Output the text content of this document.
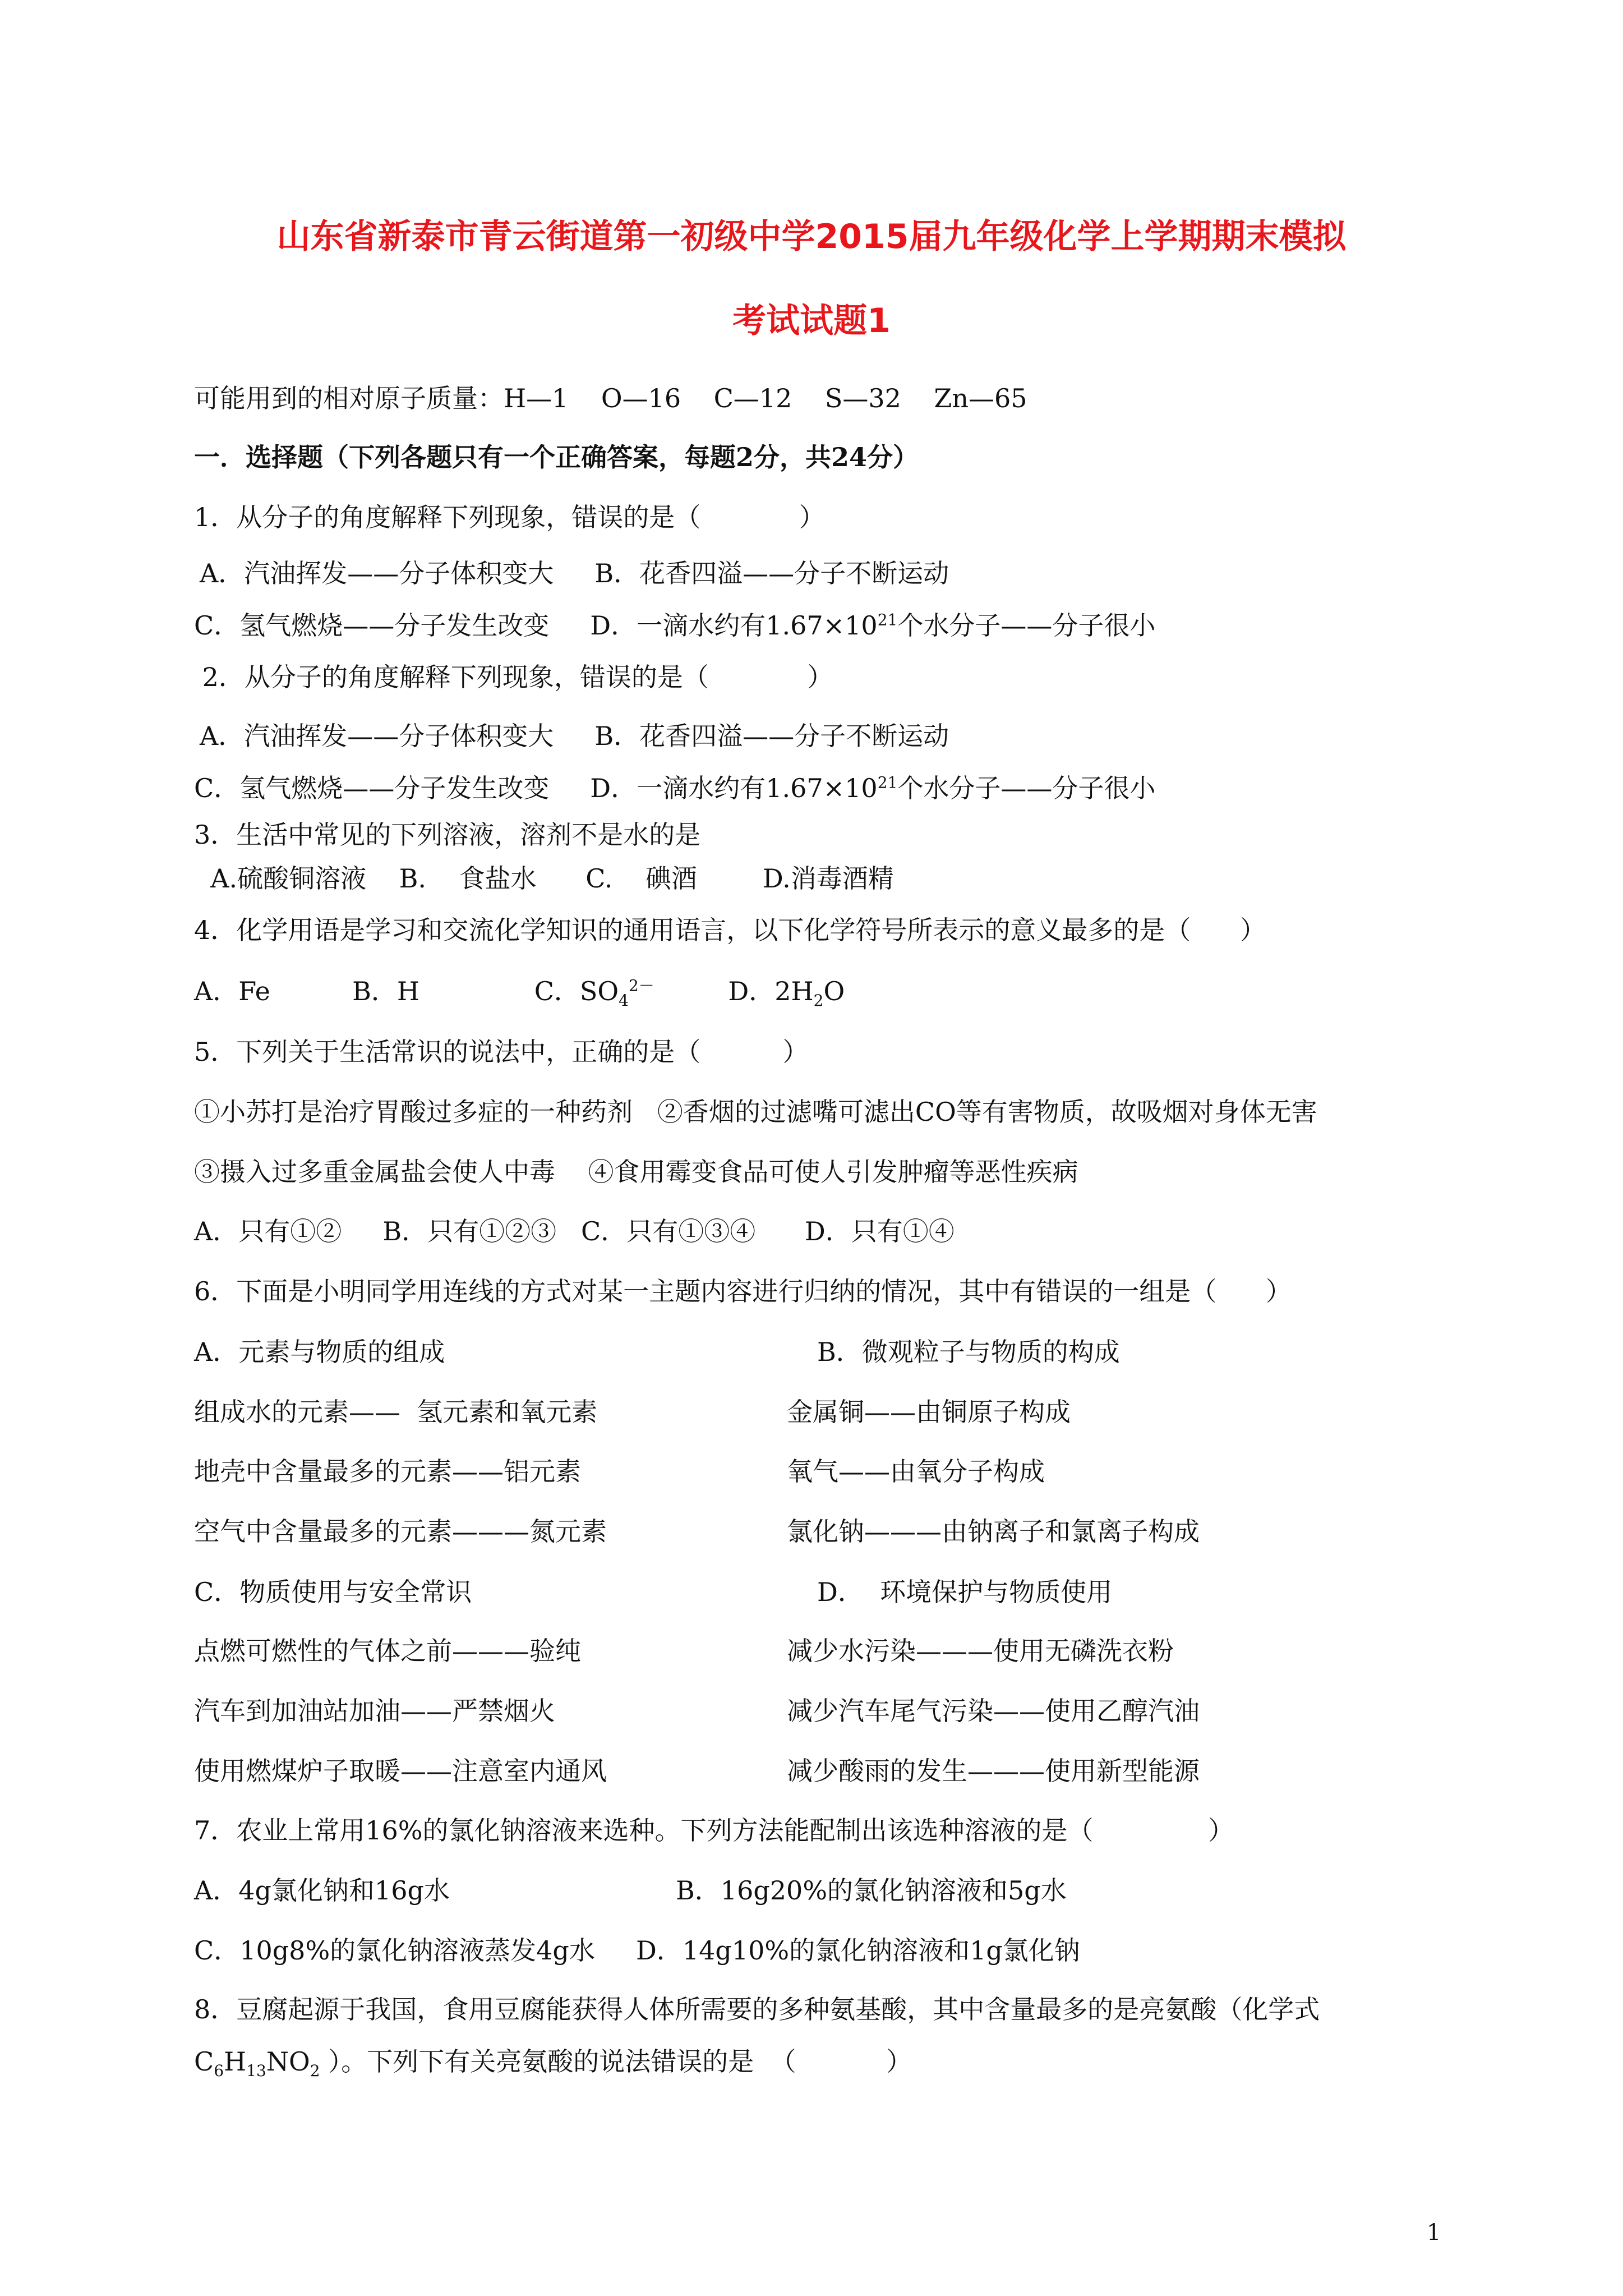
山东省新泰市青云街道第一初级中学2015届九年级化学上学期期末模拟
考试试题1
可能用到的相对原子质量：H—1    O—16    C—12    S—32    Zn—65
一．选择题（下列各题只有一个正确答案，每题2分，共24分）
1．从分子的角度解释下列现象，错误的是（            ）
A．汽油挥发——分子体积变大     B．花香四溢——分子不断运动
C．氢气燃烧——分子发生改变     D．一滴水约有$1.67\times 10^{21}$个水分子——分子很小
2．从分子的角度解释下列现象，错误的是（            ）
A．汽油挥发——分子体积变大     B．花香四溢——分子不断运动
C．氢气燃烧——分子发生改变     D．一滴水约有$1.67\times 10^{21}$个水分子——分子很小
3．生活中常见的下列溶液，溶剂不是水的是
A.硫酸铜溶液    B.    食盐水      C.    碘酒        D.消毒酒精
4．化学用语是学习和交流化学知识的通用语言，以下化学符号所表示的意义最多的是（      ）
A．Fe          B．H              C．$SO_4^{2-}$         D．$2H_2O$
5．下列关于生活常识的说法中，正确的是（          ）
①小苏打是治疗胃酸过多症的一种药剂   ②香烟的过滤嘴可滤出CO等有害物质，故吸烟对身体无害
③摄入过多重金属盐会使人中毒    ④食用霉变食品可使人引发肿瘤等恶性疾病
A．只有①②     B．只有①②③   C．只有①③④      D．只有①④
6．下面是小明同学用连线的方式对某一主题内容进行归纳的情况，其中有错误的一组是（      ）
A．元素与物质的组成	B．微观粒子与物质的构成
组成水的元素——  氢元素和氧元素	金属铜——由铜原子构成
地壳中含量最多的元素——铝元素	氧气——由氧分子构成
空气中含量最多的元素———氮元素	氯化钠———由钠离子和氯离子构成
C．物质使用与安全常识	D．  环境保护与物质使用
点燃可燃性的气体之前———验纯	减少水污染———使用无磷洗衣粉
汽车到加油站加油——严禁烟火	减少汽车尾气污染——使用乙醇汽油
使用燃煤炉子取暖——注意室内通风	减少酸雨的发生———使用新型能源
7．农业上常用16%的氯化钠溶液来选种。下列方法能配制出该选种溶液的是（              ）
A．4g氯化钠和16g水	B．16g20%的氯化钠溶液和5g水
C．10g8%的氯化钠溶液蒸发4g水     D．14g10%的氯化钠溶液和1g氯化钠
8．豆腐起源于我国，食用豆腐能获得人体所需要的多种氨基酸，其中含量最多的是亮氨酸（化学式
$C_6H_{13}NO_2$ ）。下列下有关亮氨酸的说法错误的是  （           ）
1
